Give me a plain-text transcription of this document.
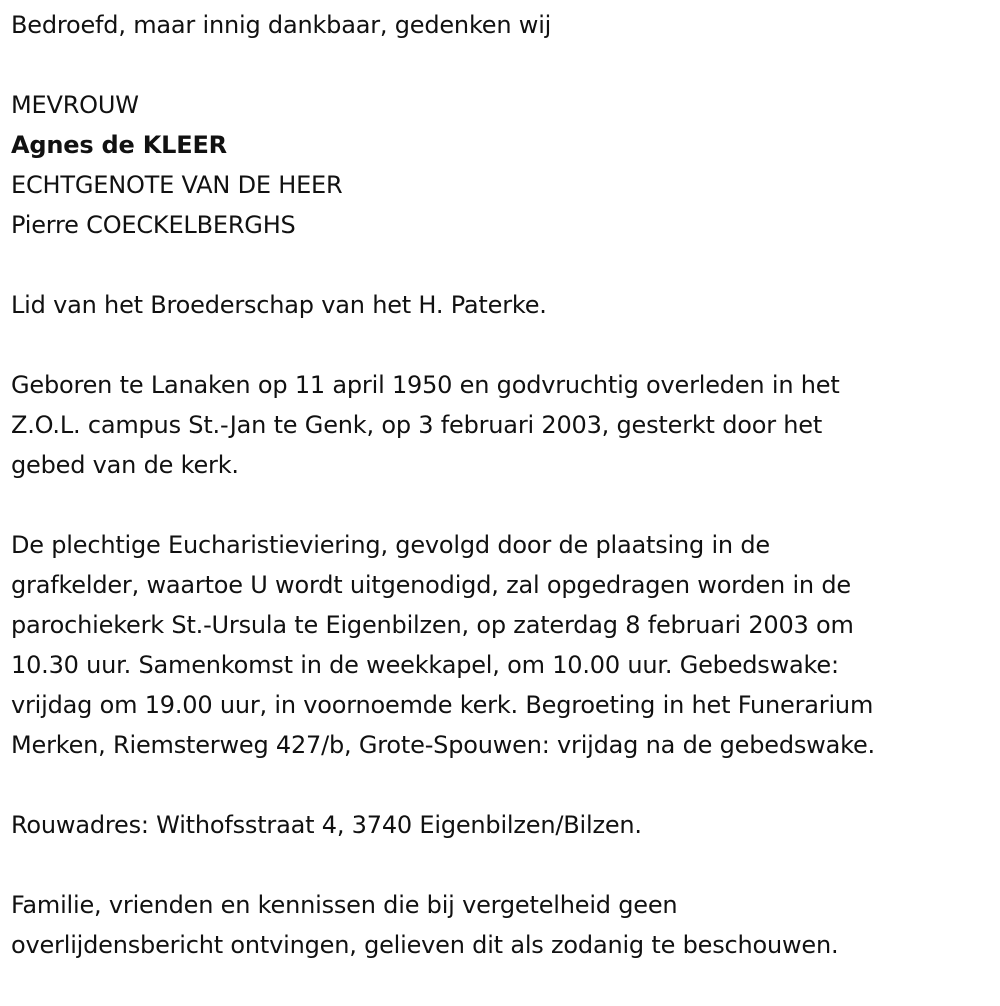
Bedroefd, maar innig dankbaar, gedenken wij
MEVROUW
Agnes de KLEER
ECHTGENOTE VAN DE HEER
Pierre COECKELBERGHS
Lid van het Broederschap van het H. Paterke.
Geboren te Lanaken op 11 april 1950 en godvruchtig overleden in het
Z.O.L. campus St.-Jan te Genk, op 3 februari 2003, gesterkt door het
gebed van de kerk.
De plechtige Eucharistieviering, gevolgd door de plaatsing in de
grafkelder, waartoe U wordt uitgenodigd, zal opgedragen worden in de
parochiekerk St.-Ursula te Eigenbilzen, op zaterdag 8 februari 2003 om
10.30 uur. Samenkomst in de weekkapel, om 10.00 uur. Gebedswake:
vrijdag om 19.00 uur, in voornoemde kerk. Begroeting in het Funerarium
Merken, Riemsterweg 427/b, Grote-Spouwen: vrijdag na de gebedswake.
Rouwadres: Withofsstraat 4, 3740 Eigenbilzen/Bilzen.
Familie, vrienden en kennissen die bij vergetelheid geen
overlijdensbericht ontvingen, gelieven dit als zodanig te beschouwen.
